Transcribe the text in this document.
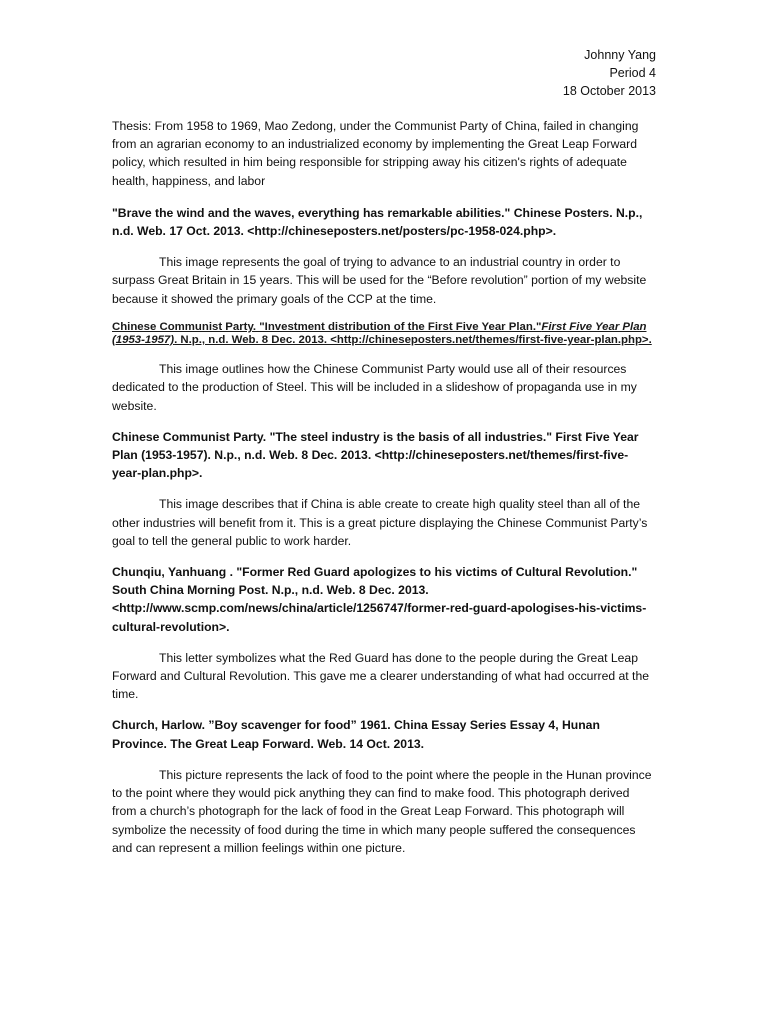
Johnny Yang
Period 4
18 October 2013

Thesis: From 1958 to 1969, Mao Zedong, under the Communist Party of China, failed in changing from an agrarian economy to an industrialized economy by implementing the Great Leap Forward policy, which resulted in him being responsible for stripping away his citizen's rights of adequate health, happiness, and labor

"Brave the wind and the waves, everything has remarkable abilities." Chinese Posters. N.p., n.d. Web. 17 Oct. 2013. <http://chineseposters.net/posters/pc-1958-024.php>.

This image represents the goal of trying to advance to an industrial country in order to surpass Great Britain in 15 years. This will be used for the “Before revolution” portion of my website because it showed the primary goals of the CCP at the time.

Chinese Communist Party. "Investment distribution of the First Five Year Plan."First Five Year Plan (1953-1957). N.p., n.d. Web. 8 Dec. 2013. <http://chineseposters.net/themes/first-five-year-plan.php>.

This image outlines how the Chinese Communist Party would use all of their resources dedicated to the production of Steel. This will be included in a slideshow of propaganda use in my website.

Chinese Communist Party. "The steel industry is the basis of all industries." First Five Year Plan (1953-1957). N.p., n.d. Web. 8 Dec. 2013. <http://chineseposters.net/themes/first-five-year-plan.php>.

This image describes that if China is able create to create high quality steel than all of the other industries will benefit from it. This is a great picture displaying the Chinese Communist Party’s goal to tell the general public to work harder.

Chunqiu, Yanhuang . "Former Red Guard apologizes to his victims of Cultural Revolution." South China Morning Post. N.p., n.d. Web. 8 Dec. 2013. <http://www.scmp.com/news/china/article/1256747/former-red-guard-apologises-his-victims-cultural-revolution>.

This letter symbolizes what the Red Guard has done to the people during the Great Leap Forward and Cultural Revolution. This gave me a clearer understanding of what had occurred at the time.

Church, Harlow. ”Boy scavenger for food” 1961. China Essay Series Essay 4, Hunan Province. The Great Leap Forward. Web. 14 Oct. 2013.

This picture represents the lack of food to the point where the people in the Hunan province to the point where they would pick anything they can find to make food. This photograph derived from a church’s photograph for the lack of food in the Great Leap Forward. This photograph will symbolize the necessity of food during the time in which many people suffered the consequences and can represent a million feelings within one picture.
